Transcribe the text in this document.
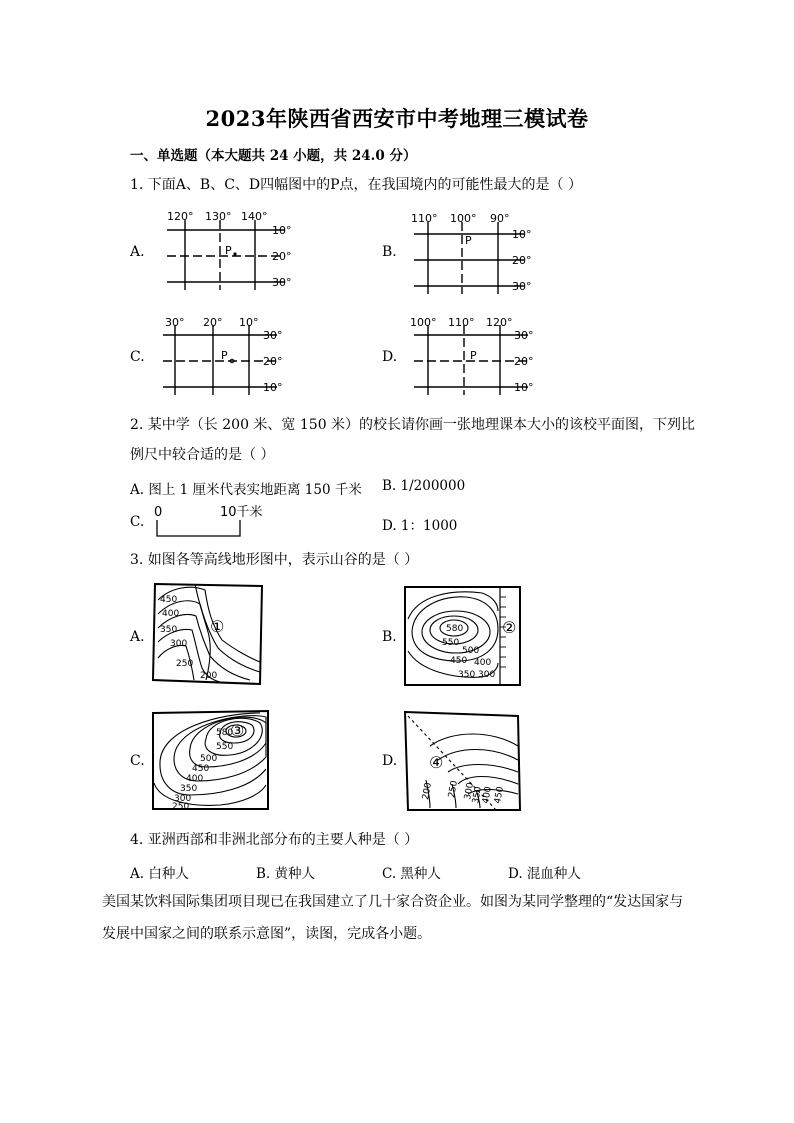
2023年陕西省西安市中考地理三模试卷
一、单选题（本大题共 24 小题，共 24.0 分）
1. 下面A、B、C、D四幅图中的P点，在我国境内的可能性最大的是（ ）
A.
120° 130° 140°
10°
20°
30°
P	B.
110° 100° 90°
10°
20°
30°
P
C.
30° 20° 10°
30°
20°
10°
P	D.
100° 110° 120°
30°
20°
10°
P
2. 某中学（长 200 米、宽 150 米）的校长请你画一张地理课本大小的该校平面图，下列比
例尺中较合适的是（ ）
A. 图上 1 厘米代表实地距离 150 千米 B. 1/200000
C.
0	10千米
D. 1：1000
3. 如图各等高线地形图中，表示山谷的是（ ）
A.
450
400
350
300
250
200
①
B.	580
550
500
450 400
350 300
②
C.
580
550
500
450
400
350
300
250
③
D.
200 250 300
350
400 450
④
4. 亚洲西部和非洲北部分布的主要人种是（ ）
A. 白种人	B. 黄种人	C. 黑种人	D. 混血种人
美国某饮料国际集团项目现已在我国建立了几十家合资企业。如图为某同学整理的“发达国家与
发展中国家之间的联系示意图”，读图，完成各小题。
